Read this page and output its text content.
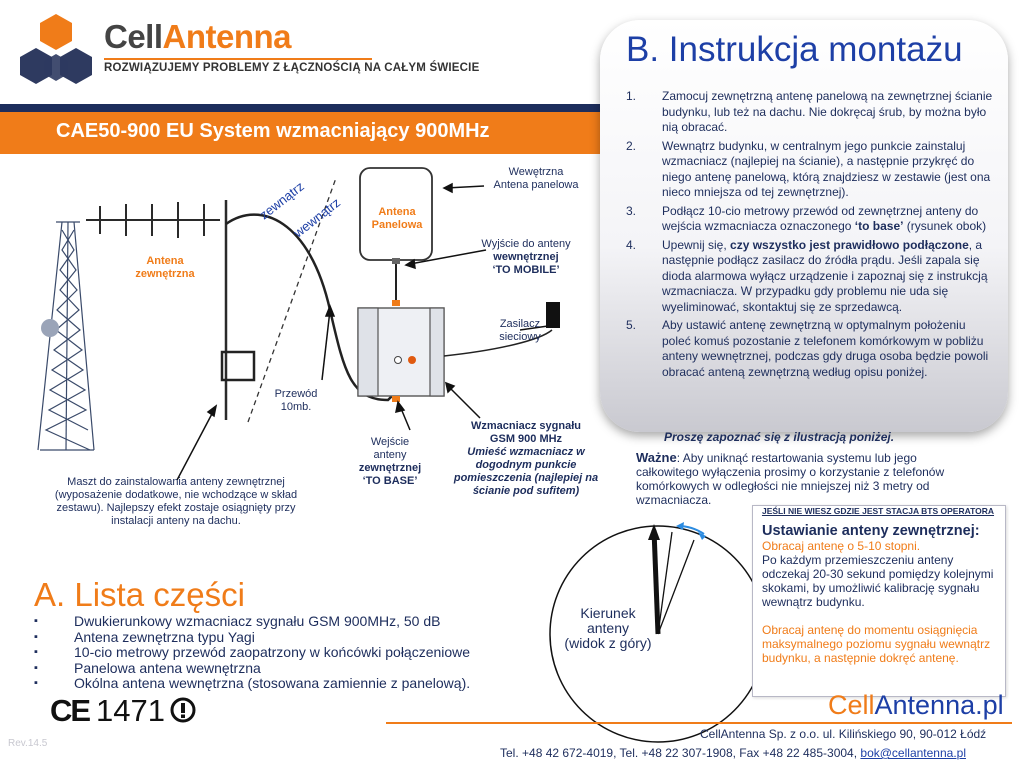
CellAntenna
ROZWIĄZUJEMY PROBLEMY Z ŁĄCZNOŚCIĄ NA CAŁYM ŚWIECIE
CAE50-900 EU System wzmacniający 900MHz
B. Instrukcja montażu
1. Zamocuj zewnętrzną antenę panelową na zewnętrznej ścianie budynku, lub też na dachu. Nie dokręcaj śrub, by można było nią obracać.
2. Wewnątrz budynku, w centralnym jego punkcie zainstaluj wzmacniacz (najlepiej na ścianie), a następnie przykręć do niego antenę panelową, którą znajdziesz w zestawie (jest ona nieco mniejsza od tej zewnętrznej).
3. Podłącz 10-cio metrowy przewód od zewnętrznej anteny do wejścia wzmacniacza oznaczonego ‘to base’ (rysunek obok)
4. Upewnij się, czy wszystko jest prawidłowo podłączone, a następnie podłącz zasilacz do źródła prądu. Jeśli zapala się dioda alarmowa wyłącz urządzenie i zapoznaj się z instrukcją wzmacniacza. W przypadku gdy problemu nie uda się wyeliminować, skontaktuj się ze sprzedawcą.
5. Aby ustawić antenę zewnętrzną w optymalnym położeniu poleć komuś pozostanie z telefonem komórkowym w pobliżu anteny wewnętrznej, podczas gdy druga osoba będzie powoli obracać anteną zewnętrzną według opisu poniżej.
Proszę zapoznać się z ilustracją poniżej.
Ważne: Aby uniknąć restartowania systemu lub jego całkowitego wyłączenia prosimy o korzystanie z telefonów komórkowych w odległości nie mniejszej niż 3 metry od wzmacniacza.
zewnątrz
wewnątrz
Antena
zewnętrzna
Antena
Panelowa
Wewętrzna
Antena panelowa
Wyjście do anteny
wewnętrznej
‘TO MOBILE’
Zasilacz
sieciowy
Przewód
10mb.
Wejście
anteny
zewnętrznej
‘TO BASE’
Wzmacniacz sygnału
GSM 900 MHz
Umieść wzmacniacz w
dogodnym punkcie
pomieszczenia (najlepiej na
ścianie pod sufitem)
Maszt do zainstalowania anteny zewnętrznej
(wyposażenie dodatkowe, nie wchodzące w skład
zestawu). Najlepszy efekt zostaje osiągnięty przy
instalacji anteny na dachu.
A. Lista części
▪ Dwukierunkowy wzmacniacz sygnału GSM 900MHz, 50 dB
▪ Antena zewnętrzna typu Yagi
▪ 10-cio metrowy przewód zaopatrzony w końcówki połączeniowe
▪ Panelowa antena wewnętrzna
▪ Okólna antena wewnętrzna (stosowana zamiennie z panelową).
CE 1471
Rev.14.5
Kierunek
anteny
(widok z góry)
JEŚLI NIE WIESZ GDZIE JEST STACJA BTS OPERATORA
Ustawianie anteny zewnętrznej:
Obracaj antenę o 5-10 stopni.
Po każdym przemieszczeniu anteny odczekaj 20-30 sekund pomiędzy kolejnymi skokami, by umożliwić kalibrację sygnału wewnątrz budynku.
Obracaj antenę do momentu osiągnięcia maksymalnego poziomu sygnału wewnątrz budynku, a następnie dokręć antenę.
CellAntenna.pl
CellAntenna Sp. z o.o. ul. Kilińskiego 90, 90-012 Łódź
Tel. +48 42 672-4019, Tel. +48 22 307-1908, Fax +48 22 485-3004, bok@cellantenna.pl
